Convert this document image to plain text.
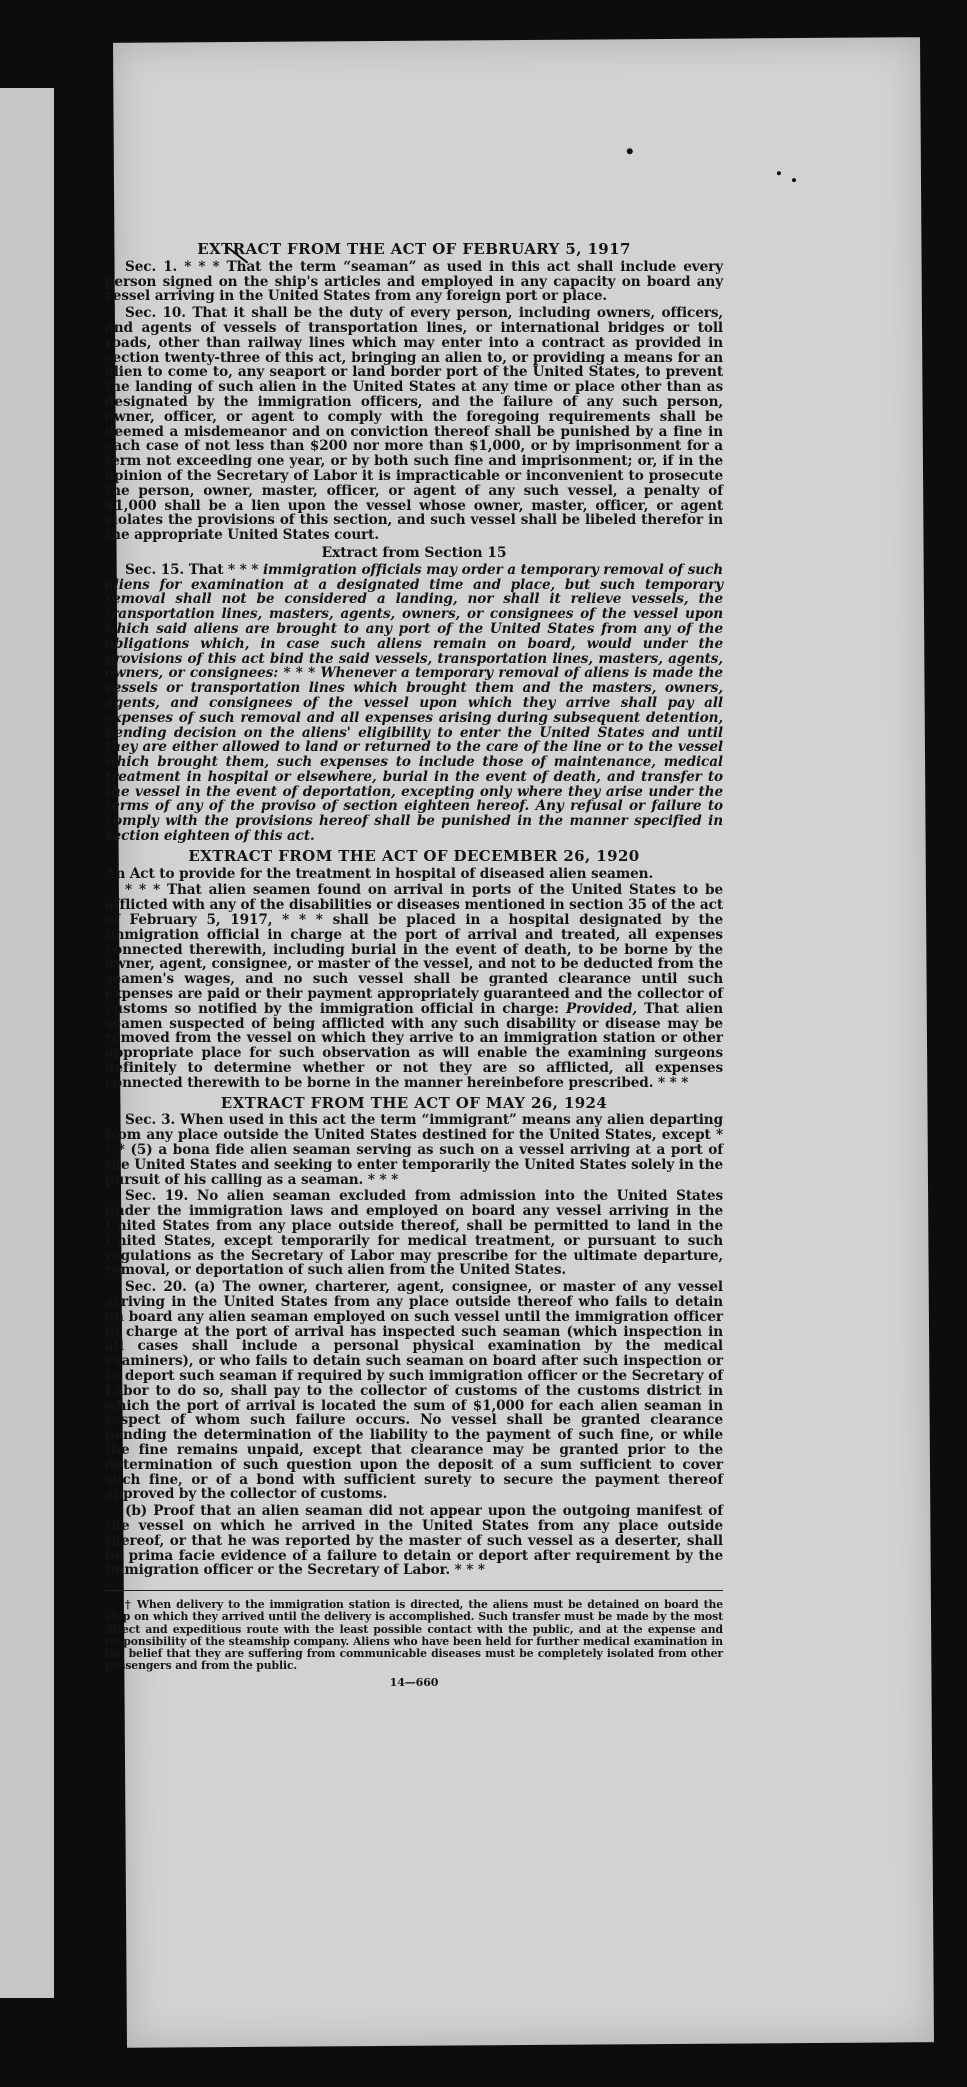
EXTRACT FROM THE ACT OF FEBRUARY 5, 1917

Sec. 1. * * * That the term “seaman” as used in this act shall include every person signed on the ship's articles and employed in any capacity on board any vessel arriving in the United States from any foreign port or place.

Sec. 10. That it shall be the duty of every person, including owners, officers, and agents of vessels of transportation lines, or international bridges or toll roads, other than railway lines which may enter into a contract as provided in section twenty-three of this act, bringing an alien to, or providing a means for an alien to come to, any seaport or land border port of the United States, to prevent the landing of such alien in the United States at any time or place other than as designated by the immigration officers, and the failure of any such person, owner, officer, or agent to comply with the foregoing requirements shall be deemed a misdemeanor and on conviction thereof shall be punished by a fine in each case of not less than $200 nor more than $1,000, or by imprisonment for a term not exceeding one year, or by both such fine and imprisonment; or, if in the opinion of the Secretary of Labor it is impracticable or inconvenient to prosecute the person, owner, master, officer, or agent of any such vessel, a penalty of $1,000 shall be a lien upon the vessel whose owner, master, officer, or agent violates the provisions of this section, and such vessel shall be libeled therefor in the appropriate United States court.

Extract from Section 15

Sec. 15. That * * * immigration officials may order a temporary removal of such aliens for examination at a designated time and place, but such temporary removal shall not be considered a landing, nor shall it relieve vessels, the transportation lines, masters, agents, owners, or consignees of the vessel upon which said aliens are brought to any port of the United States from any of the obligations which, in case such aliens remain on board, would under the provisions of this act bind the said vessels, transportation lines, masters, agents, owners, or consignees: * * * Whenever a temporary removal of aliens is made the vessels or transportation lines which brought them and the masters, owners, agents, and consignees of the vessel upon which they arrive shall pay all expenses of such removal and all expenses arising during subsequent detention, pending decision on the aliens' eligibility to enter the United States and until they are either allowed to land or returned to the care of the line or to the vessel which brought them, such expenses to include those of maintenance, medical treatment in hospital or elsewhere, burial in the event of death, and transfer to the vessel in the event of deportation, excepting only where they arise under the terms of any of the proviso of section eighteen hereof. Any refusal or failure to comply with the provisions hereof shall be punished in the manner specified in section eighteen of this act.

EXTRACT FROM THE ACT OF DECEMBER 26, 1920

An Act to provide for the treatment in hospital of diseased alien seamen.

* * * That alien seamen found on arrival in ports of the United States to be afflicted with any of the disabilities or diseases mentioned in section 35 of the act of February 5, 1917, * * * shall be placed in a hospital designated by the immigration official in charge at the port of arrival and treated, all expenses connected therewith, including burial in the event of death, to be borne by the owner, agent, consignee, or master of the vessel, and not to be deducted from the seamen's wages, and no such vessel shall be granted clearance until such expenses are paid or their payment appropriately guaranteed and the collector of customs so notified by the immigration official in charge: Provided, That alien seamen suspected of being afflicted with any such disability or disease may be removed from the vessel on which they arrive to an immigration station or other appropriate place for such observation as will enable the examining surgeons definitely to determine whether or not they are so afflicted, all expenses connected therewith to be borne in the manner hereinbefore prescribed. * * *

EXTRACT FROM THE ACT OF MAY 26, 1924

Sec. 3. When used in this act the term “immigrant” means any alien departing from any place outside the United States destined for the United States, except * * * (5) a bona fide alien seaman serving as such on a vessel arriving at a port of the United States and seeking to enter temporarily the United States solely in the pursuit of his calling as a seaman. * * *

Sec. 19. No alien seaman excluded from admission into the United States under the immigration laws and employed on board any vessel arriving in the United States from any place outside thereof, shall be permitted to land in the United States, except temporarily for medical treatment, or pursuant to such regulations as the Secretary of Labor may prescribe for the ultimate departure, removal, or deportation of such alien from the United States.

Sec. 20. (a) The owner, charterer, agent, consignee, or master of any vessel arriving in the United States from any place outside thereof who fails to detain on board any alien seaman employed on such vessel until the immigration officer in charge at the port of arrival has inspected such seaman (which inspection in all cases shall include a personal physical examination by the medical examiners), or who fails to detain such seaman on board after such inspection or to deport such seaman if required by such immigration officer or the Secretary of Labor to do so, shall pay to the collector of customs of the customs district in which the port of arrival is located the sum of $1,000 for each alien seaman in respect of whom such failure occurs. No vessel shall be granted clearance pending the determination of the liability to the payment of such fine, or while the fine remains unpaid, except that clearance may be granted prior to the determination of such question upon the deposit of a sum sufficient to cover such fine, or of a bond with sufficient surety to secure the payment thereof approved by the collector of customs.

(b) Proof that an alien seaman did not appear upon the outgoing manifest of the vessel on which he arrived in the United States from any place outside thereof, or that he was reported by the master of such vessel as a deserter, shall be prima facie evidence of a failure to detain or deport after requirement by the immigration officer or the Secretary of Labor. * * *

† When delivery to the immigration station is directed, the aliens must be detained on board the ship on which they arrived until the delivery is accomplished. Such transfer must be made by the most direct and expeditious route with the least possible contact with the public, and at the expense and responsibility of the steamship company. Aliens who have been held for further medical examination in the belief that they are suffering from communicable diseases must be completely isolated from other passengers and from the public.

14—660
